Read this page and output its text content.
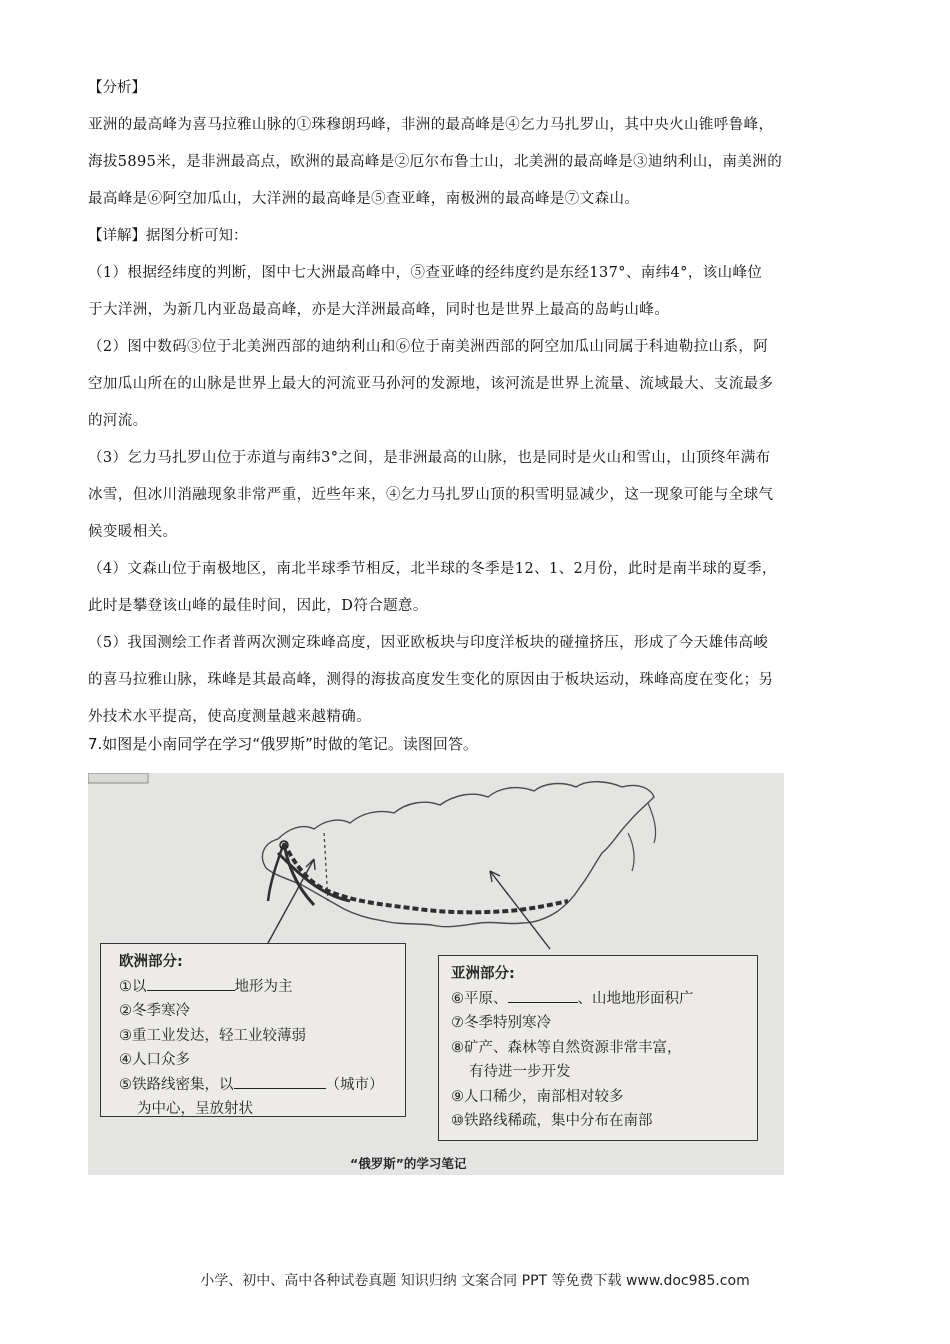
【分析】

亚洲的最高峰为喜马拉雅山脉的①珠穆朗玛峰，非洲的最高峰是④乞力马扎罗山，其中央火山锥呼鲁峰，

海拔5895米，是非洲最高点，欧洲的最高峰是②厄尔布鲁士山，北美洲的最高峰是③迪纳利山，南美洲的

最高峰是⑥阿空加瓜山，大洋洲的最高峰是⑤查亚峰，南极洲的最高峰是⑦文森山。

【详解】据图分析可知：

（1）根据经纬度的判断，图中七大洲最高峰中，⑤查亚峰的经纬度约是东经137°、南纬4°，该山峰位

于大洋洲，为新几内亚岛最高峰，亦是大洋洲最高峰，同时也是世界上最高的岛屿山峰。

（2）图中数码③位于北美洲西部的迪纳利山和⑥位于南美洲西部的阿空加瓜山同属于科迪勒拉山系，阿

空加瓜山所在的山脉是世界上最大的河流亚马孙河的发源地，该河流是世界上流量、流域最大、支流最多

的河流。

（3）乞力马扎罗山位于赤道与南纬3°之间，是非洲最高的山脉，也是同时是火山和雪山，山顶终年满布

冰雪，但冰川消融现象非常严重，近些年来，④乞力马扎罗山顶的积雪明显减少，这一现象可能与全球气

候变暖相关。

（4）文森山位于南极地区，南北半球季节相反，北半球的冬季是12、1、2月份，此时是南半球的夏季，

此时是攀登该山峰的最佳时间，因此，D符合题意。

（5）我国测绘工作者普两次测定珠峰高度，因亚欧板块与印度洋板块的碰撞挤压，形成了今天雄伟高峻

的喜马拉雅山脉，珠峰是其最高峰，测得的海拔高度发生变化的原因由于板块运动，珠峰高度在变化；另

外技术水平提高，使高度测量越来越精确。

7.如图是小南同学在学习“俄罗斯”时做的笔记。读图回答。
欧洲部分:
①以	地形为主
②冬季寒冷
③重工业发达，轻工业较薄弱
④人口众多
⑤铁路线密集，以	（城市）
为中心，呈放射状
亚洲部分:
⑥平原、	、山地地形面积广
⑦冬季特别寒冷
⑧矿产、森林等自然资源非常丰富，
有待进一步开发
⑨人口稀少，南部相对较多
⑩铁路线稀疏，集中分布在南部
“俄罗斯”的学习笔记
小学、初中、高中各种试卷真题 知识归纳 文案合同 PPT 等免费下载 www.doc985.com
